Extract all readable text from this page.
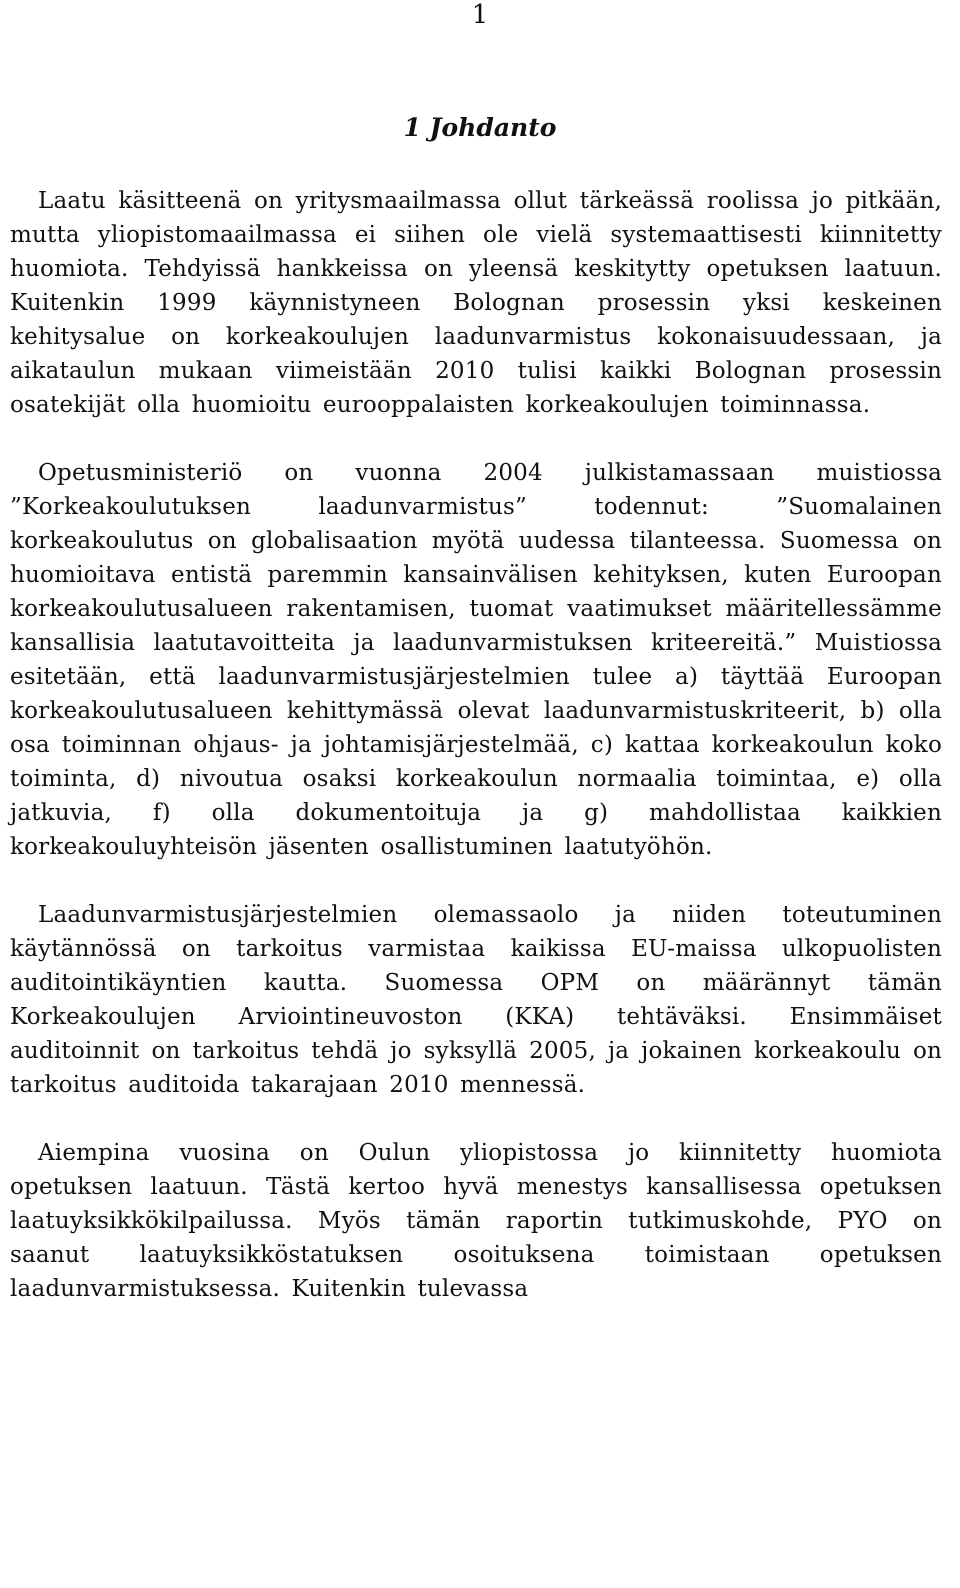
1

1 Johdanto

Laatu käsitteenä on yritysmaailmassa ollut tärkeässä roolissa jo pitkään, mutta yliopistomaailmassa ei siihen ole vielä systemaattisesti kiinnitetty huomiota. Tehdyissä hankkeissa on yleensä keskitytty opetuksen laatuun. Kuitenkin 1999 käynnistyneen Bolognan prosessin yksi keskeinen kehitysalue on korkeakoulujen laadunvarmistus kokonaisuudessaan, ja aikataulun mukaan viimeistään 2010 tulisi kaikki Bolognan prosessin osatekijät olla huomioitu eurooppalaisten korkeakoulujen toiminnassa.

Opetusministeriö on vuonna 2004 julkistamassaan muistiossa ”Korkeakoulutuksen laadunvarmistus” todennut: ”Suomalainen korkeakoulutus on globalisaation myötä uudessa tilanteessa. Suomessa on huomioitava entistä paremmin kansainvälisen kehityksen, kuten Euroopan korkeakoulutusalueen rakentamisen, tuomat vaatimukset määritellessämme kansallisia laatutavoitteita ja laadunvarmistuksen kriteereitä.” Muistiossa esitetään, että laadunvarmistusjärjestelmien tulee a) täyttää Euroopan korkeakoulutusalueen kehittymässä olevat laadunvarmistuskriteerit, b) olla osa toiminnan ohjaus- ja johtamisjärjestelmää, c) kattaa korkeakoulun koko toiminta, d) nivoutua osaksi korkeakoulun normaalia toimintaa, e) olla jatkuvia, f) olla dokumentoituja ja g) mahdollistaa kaikkien korkeakouluyhteisön jäsenten osallistuminen laatutyöhön.

Laadunvarmistusjärjestelmien olemassaolo ja niiden toteutuminen käytännössä on tarkoitus varmistaa kaikissa EU-maissa ulkopuolisten auditointikäyntien kautta. Suomessa OPM on määrännyt tämän Korkeakoulujen Arviointineuvoston (KKA) tehtäväksi. Ensimmäiset auditoinnit on tarkoitus tehdä jo syksyllä 2005, ja jokainen korkeakoulu on tarkoitus auditoida takarajaan 2010 mennessä.

Aiempina vuosina on Oulun yliopistossa jo kiinnitetty huomiota opetuksen laatuun. Tästä kertoo hyvä menestys kansallisessa opetuksen laatuyksikkökilpailussa. Myös tämän raportin tutkimuskohde, PYO on saanut laatuyksikköstatuksen osoituksena toimistaan opetuksen laadunvarmistuksessa. Kuitenkin tulevassa
